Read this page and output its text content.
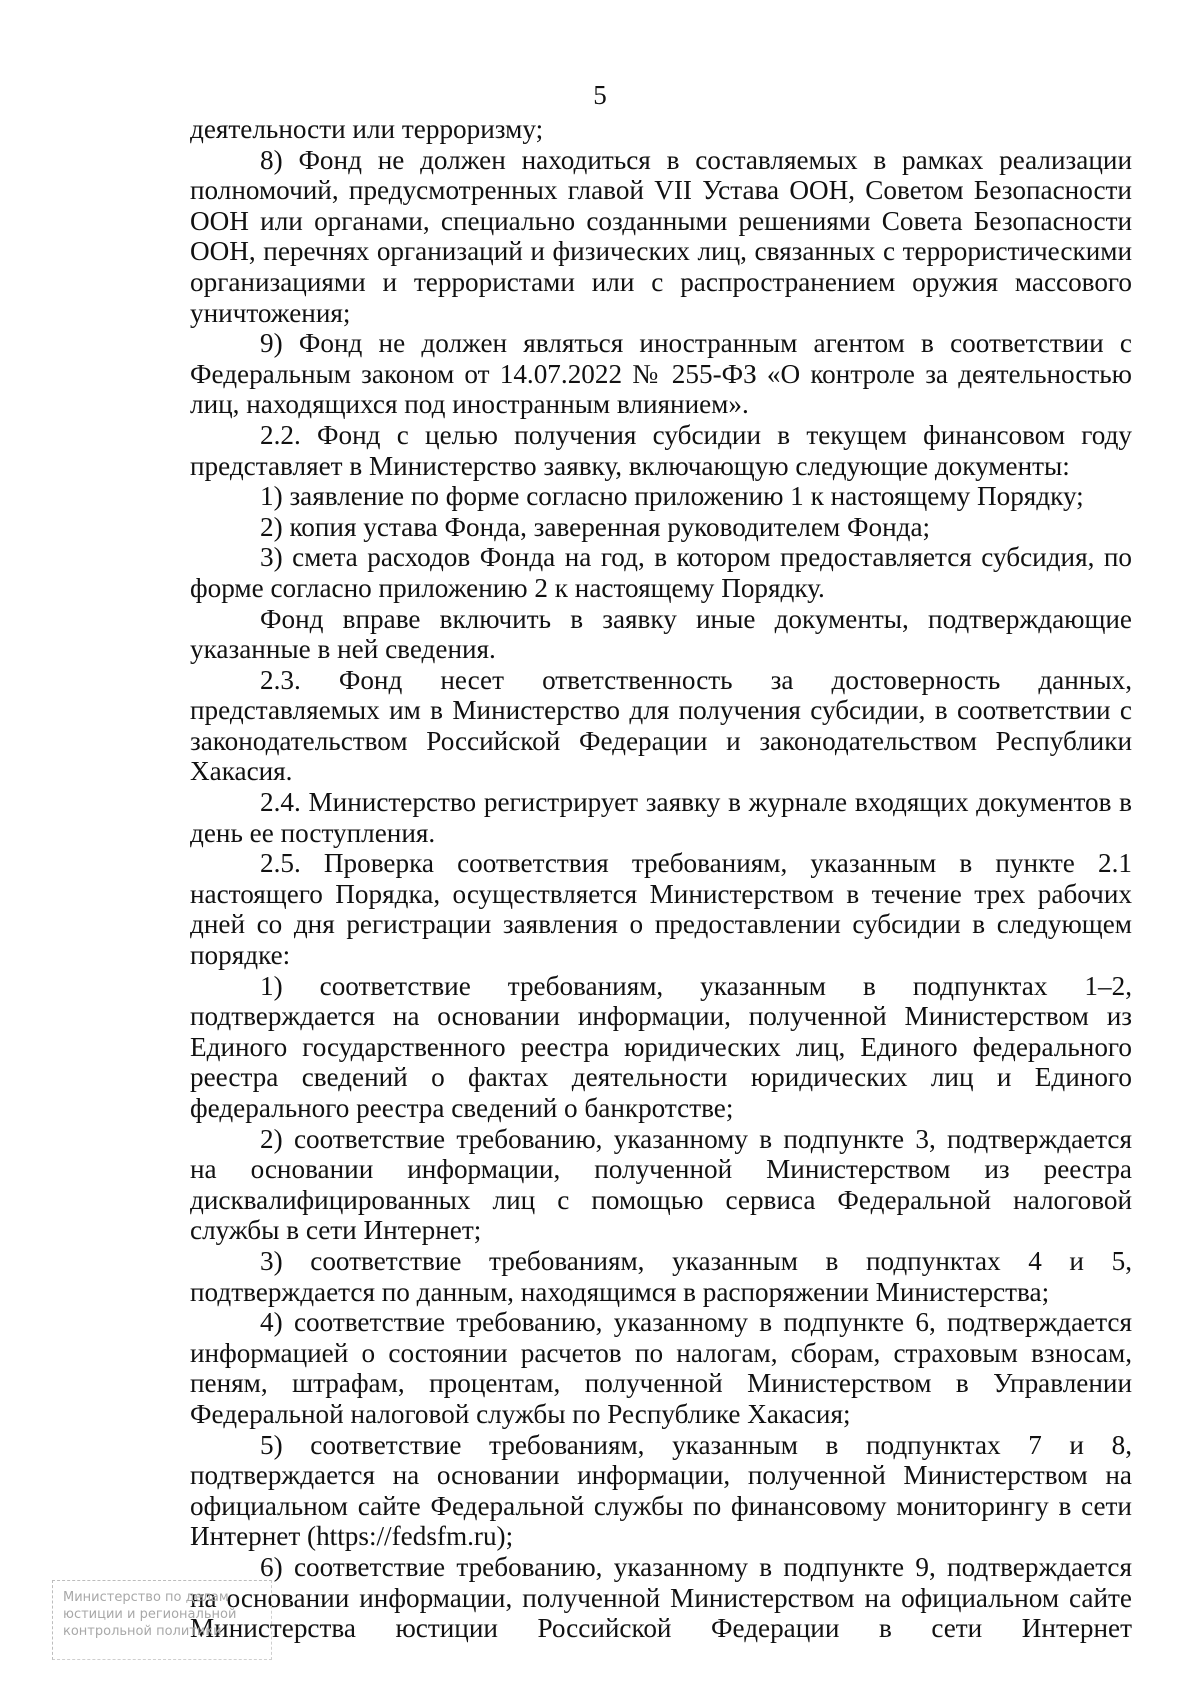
5

деятельности или терроризму;

8) Фонд не должен находиться в составляемых в рамках реализации полномочий, предусмотренных главой VII Устава ООН, Советом Безопасности ООН или органами, специально созданными решениями Совета Безопасности ООН, перечнях организаций и физических лиц, связанных с террористическими организациями и террористами или с распространением оружия массового уничтожения;

9) Фонд не должен являться иностранным агентом в соответствии с Федеральным законом от 14.07.2022 № 255-ФЗ «О контроле за деятельностью лиц, находящихся под иностранным влиянием».

2.2. Фонд с целью получения субсидии в текущем финансовом году представляет в Министерство заявку, включающую следующие документы:

1) заявление по форме согласно приложению 1 к настоящему Порядку;

2) копия устава Фонда, заверенная руководителем Фонда;

3) смета расходов Фонда на год, в котором предоставляется субсидия, по форме согласно приложению 2 к настоящему Порядку.

Фонд вправе включить в заявку иные документы, подтверждающие указанные в ней сведения.

2.3. Фонд несет ответственность за достоверность данных, представляемых им в Министерство для получения субсидии, в соответствии с законодательством Российской Федерации и законодательством Республики Хакасия.

2.4. Министерство регистрирует заявку в журнале входящих документов в день ее поступления.

2.5. Проверка соответствия требованиям, указанным в пункте 2.1 настоящего Порядка, осуществляется Министерством в течение трех рабочих дней со дня регистрации заявления о предоставлении субсидии в следующем порядке:

1) соответствие требованиям, указанным в подпунктах 1–2, подтверждается на основании информации, полученной Министерством из Единого государственного реестра юридических лиц, Единого федерального реестра сведений о фактах деятельности юридических лиц и Единого федерального реестра сведений о банкротстве;

2) соответствие требованию, указанному в подпункте 3, подтверждается на основании информации, полученной Министерством из реестра дисквалифицированных лиц с помощью сервиса Федеральной налоговой службы в сети Интернет;

3) соответствие требованиям, указанным в подпунктах 4 и 5, подтверждается по данным, находящимся в распоряжении Министерства;

4) соответствие требованию, указанному в подпункте 6, подтверждается информацией о состоянии расчетов по налогам, сборам, страховым взносам, пеням, штрафам, процентам, полученной Министерством в Управлении Федеральной налоговой службы по Республике Хакасия;

5) соответствие требованиям, указанным в подпунктах 7 и 8, подтверждается на основании информации, полученной Министерством на официальном сайте Федеральной службы по финансовому мониторингу в сети Интернет (https://fedsfm.ru);

6) соответствие требованию, указанному в подпункте 9, подтверждается на основании информации, полученной Министерством на официальном сайте Министерства юстиции Российской Федерации в сети Интернет

Министерство по делам
юстиции и региональной
контрольной политики
